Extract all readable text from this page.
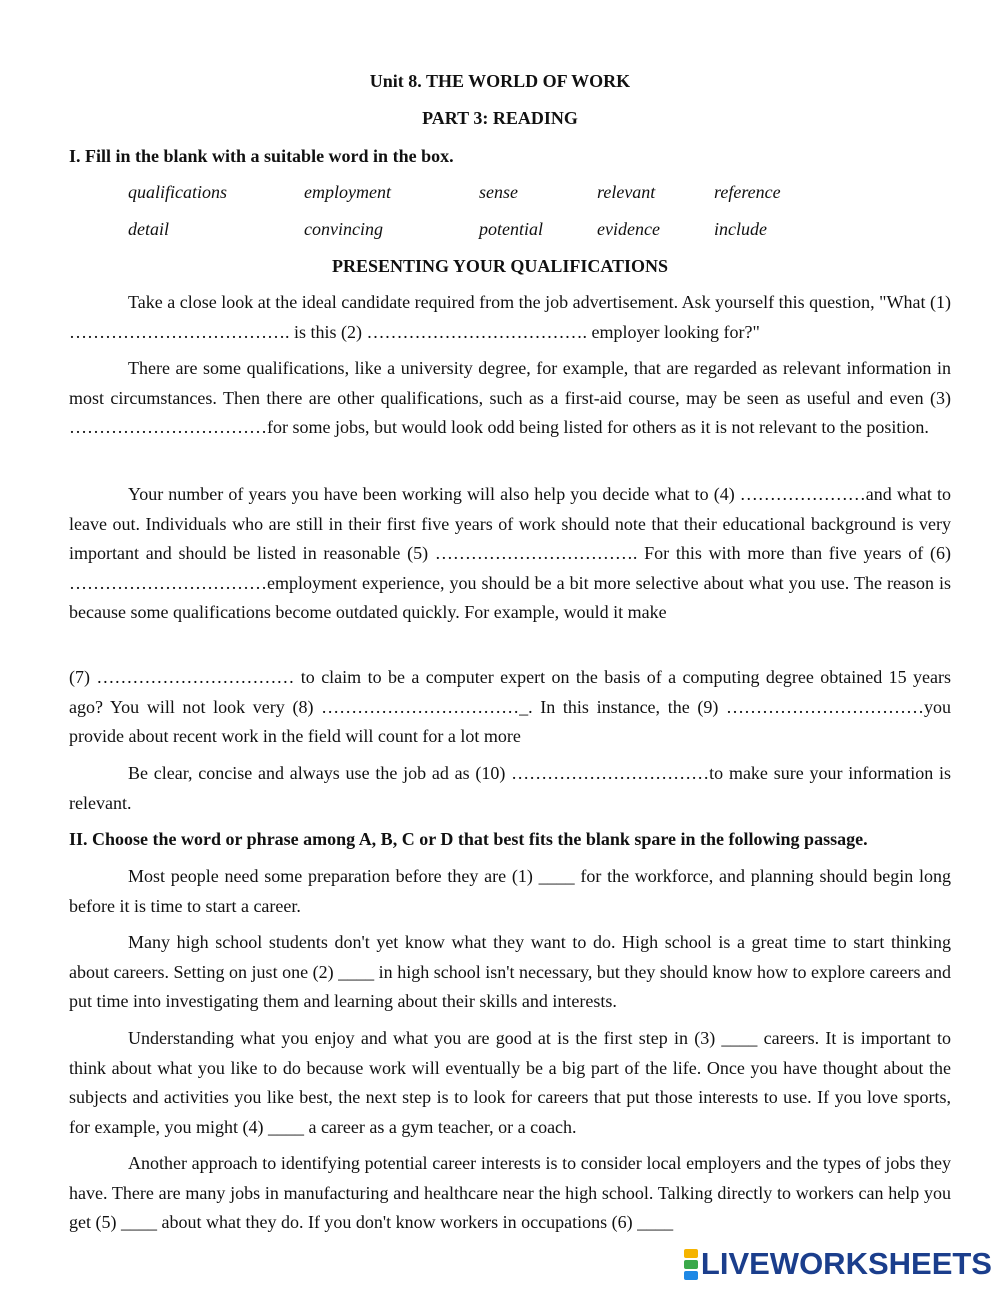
Unit 8. THE WORLD OF WORK
PART 3: READING
I. Fill in the blank with a suitable word in the box.
qualifications	employment	sense	relevant	reference
detail	convincing	potential	evidence	include
PRESENTING YOUR QUALIFICATIONS

Take a close look at the ideal candidate required from the job advertisement. Ask yourself this question, "What (1) ………………………………. is this (2) ………………………………. employer looking for?"

There are some qualifications, like a university degree, for example, that are regarded as relevant information in most circumstances. Then there are other qualifications, such as a first-aid course, may be seen as useful and even (3) ……………………………for some jobs, but would look odd being listed for others as it is not relevant to the position.

Your number of years you have been working will also help you decide what to (4) …………………and what to leave out. Individuals who are still in their first five years of work should note that their educational background is very important and should be listed in reasonable (5) ……………………………. For this with more than five years of (6) ……………………………employment experience, you should be a bit more selective about what you use. The reason is because some qualifications become outdated quickly. For example, would it make

(7) …………………………… to claim to be a computer expert on the basis of a computing degree obtained 15 years ago? You will not look very (8) ……………………………_. In this instance, the (9) ……………………………you provide about recent work in the field will count for a lot more

Be clear, concise and always use the job ad as (10) ……………………………to make sure your information is relevant.

II. Choose the word or phrase among A, B, C or D that best fits the blank spare in the following passage.

Most people need some preparation before they are (1) ____ for the workforce, and planning should begin long before it is time to start a career.

Many high school students don't yet know what they want to do. High school is a great time to start thinking about careers. Setting on just one (2) ____ in high school isn't necessary, but they should know how to explore careers and put time into investigating them and learning about their skills and interests.

Understanding what you enjoy and what you are good at is the first step in (3) ____ careers. It is important to think about what you like to do because work will eventually be a big part of the life. Once you have thought about the subjects and activities you like best, the next step is to look for careers that put those interests to use. If you love sports, for example, you might (4) ____ a career as a gym teacher, or a coach.

Another approach to identifying potential career interests is to consider local employers and the types of jobs they have. There are many jobs in manufacturing and healthcare near the high school. Talking directly to workers can help you get (5) ____ about what they do. If you don't know workers in occupations (6) ____

LIVEWORKSHEETS
